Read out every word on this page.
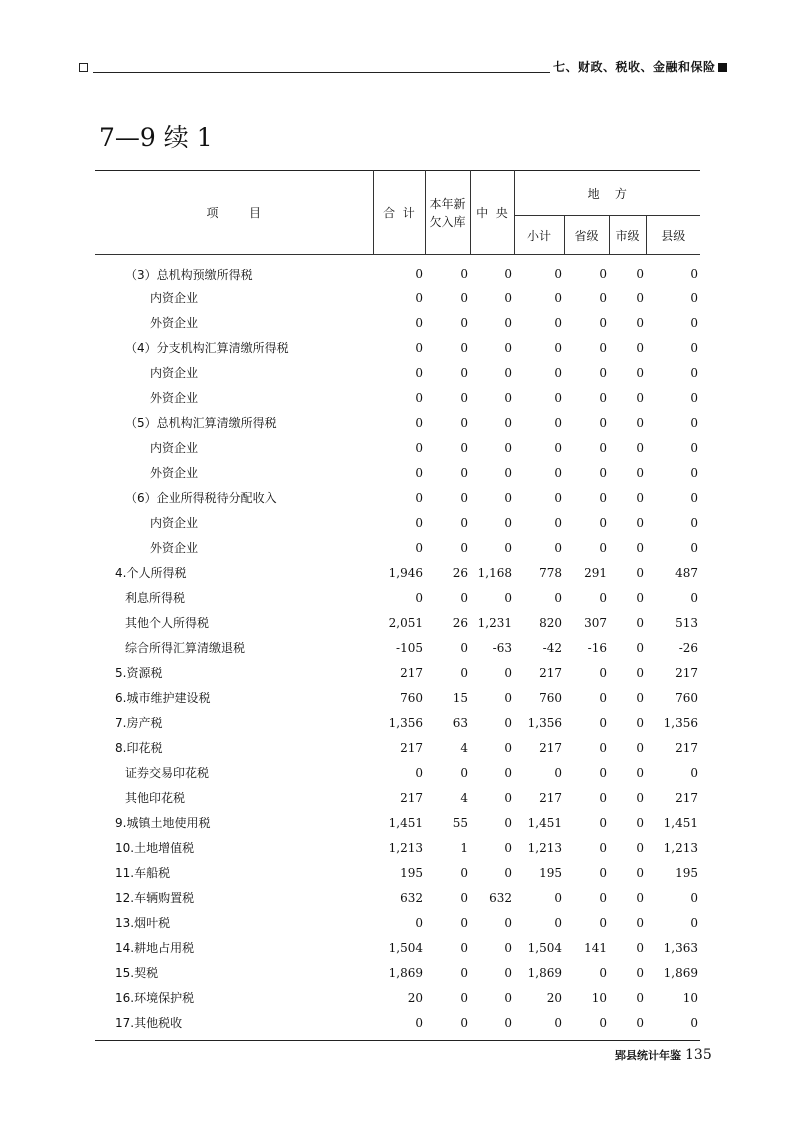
七、财政、税收、金融和保险
7—9 续 1
项        目	合  计	本年新欠入库	中  央	地    方			
				小计	省级	市级	县级
（3）总机构预缴所得税	0	0	0	0	0	0	0
内资企业	0	0	0	0	0	0	0
外资企业	0	0	0	0	0	0	0
（4）分支机构汇算清缴所得税	0	0	0	0	0	0	0
内资企业	0	0	0	0	0	0	0
外资企业	0	0	0	0	0	0	0
（5）总机构汇算清缴所得税	0	0	0	0	0	0	0
内资企业	0	0	0	0	0	0	0
外资企业	0	0	0	0	0	0	0
（6）企业所得税待分配收入	0	0	0	0	0	0	0
内资企业	0	0	0	0	0	0	0
外资企业	0	0	0	0	0	0	0
4.个人所得税	1,946	26	1,168	778	291	0	487
利息所得税	0	0	0	0	0	0	0
其他个人所得税	2,051	26	1,231	820	307	0	513
综合所得汇算清缴退税	-105	0	-63	-42	-16	0	-26
5.资源税	217	0	0	217	0	0	217
6.城市维护建设税	760	15	0	760	0	0	760
7.房产税	1,356	63	0	1,356	0	0	1,356
8.印花税	217	4	0	217	0	0	217
证券交易印花税	0	0	0	0	0	0	0
其他印花税	217	4	0	217	0	0	217
9.城镇土地使用税	1,451	55	0	1,451	0	0	1,451
10.土地增值税	1,213	1	0	1,213	0	0	1,213
11.车船税	195	0	0	195	0	0	195
12.车辆购置税	632	0	632	0	0	0	0
13.烟叶税	0	0	0	0	0	0	0
14.耕地占用税	1,504	0	0	1,504	141	0	1,363
15.契税	1,869	0	0	1,869	0	0	1,869
16.环境保护税	20	0	0	20	10	0	10
17.其他税收	0	0	0	0	0	0	0
郢县统计年鉴 135
